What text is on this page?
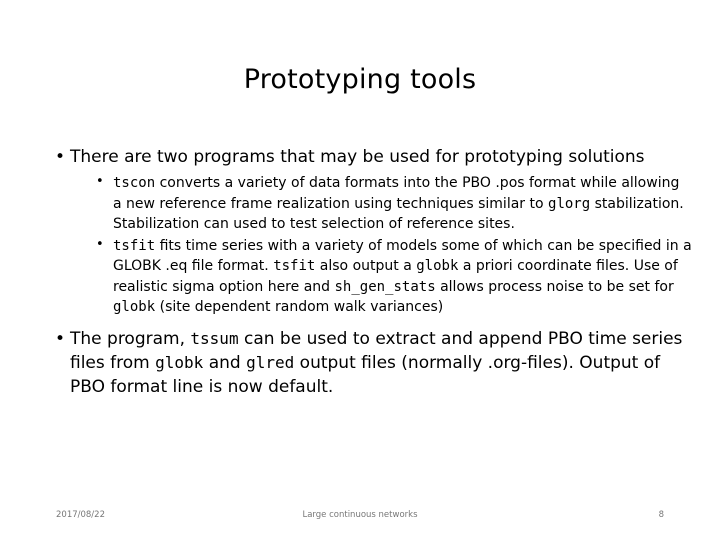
Prototyping tools
• There are two programs that may be used for prototyping solutions
• tscon converts a variety of data formats into the PBO .pos format while allowing a new reference frame realization using techniques similar to glorg stabilization. Stabilization can used to test selection of reference sites.
• tsfit fits time series with a variety of models some of which can be specified in a GLOBK .eq file format. tsfit also output a globk a priori coordinate files. Use of realistic sigma option here and sh_gen_stats allows process noise to be set for globk (site dependent random walk variances)
• The program, tssum can be used to extract and append PBO time series files from globk and glred output files (normally .org-files). Output of PBO format line is now default.
2017/08/22	Large continuous networks	8
